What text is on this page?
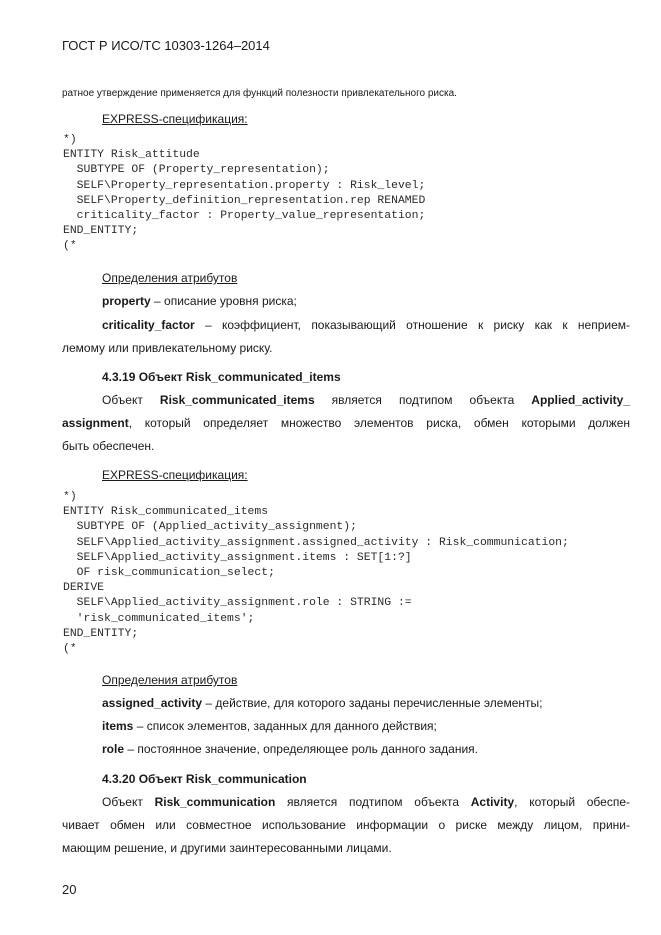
ГОСТ Р ИСО/ТС 10303-1264–2014
ратное утверждение применяется для функций полезности привлекательного риска.
EXPRESS-спецификация:
*)
ENTITY Risk_attitude
SUBTYPE OF (Property_representation);
SELF\Property_representation.property : Risk_level;
SELF\Property_definition_representation.rep RENAMED
criticality_factor : Property_value_representation;
END_ENTITY;
(*
Определения атрибутов
property – описание уровня риска;
criticality_factor – коэффициент, показывающий отношение к риску как к неприем-
лемому или привлекательному риску.
4.3.19 Объект Risk_communicated_items
Объект Risk_communicated_items является подтипом объекта Applied_activity_
assignment, который определяет множество элементов риска, обмен которыми должен
быть обеспечен.
EXPRESS-спецификация:
*)
ENTITY Risk_communicated_items
SUBTYPE OF (Applied_activity_assignment);
SELF\Applied_activity_assignment.assigned_activity : Risk_communication;
SELF\Applied_activity_assignment.items : SET[1:?]
OF risk_communication_select;
DERIVE
SELF\Applied_activity_assignment.role : STRING :=
'risk_communicated_items';
END_ENTITY;
(*
Определения атрибутов
assigned_activity – действие, для которого заданы перечисленные элементы;
items – список элементов, заданных для данного действия;
role – постоянное значение, определяющее роль данного задания.
4.3.20 Объект Risk_communication
Объект Risk_communication является подтипом объекта Activity, который обеспе-
чивает обмен или совместное использование информации о риске между лицом, прини-
мающим решение, и другими заинтересованными лицами.
20
